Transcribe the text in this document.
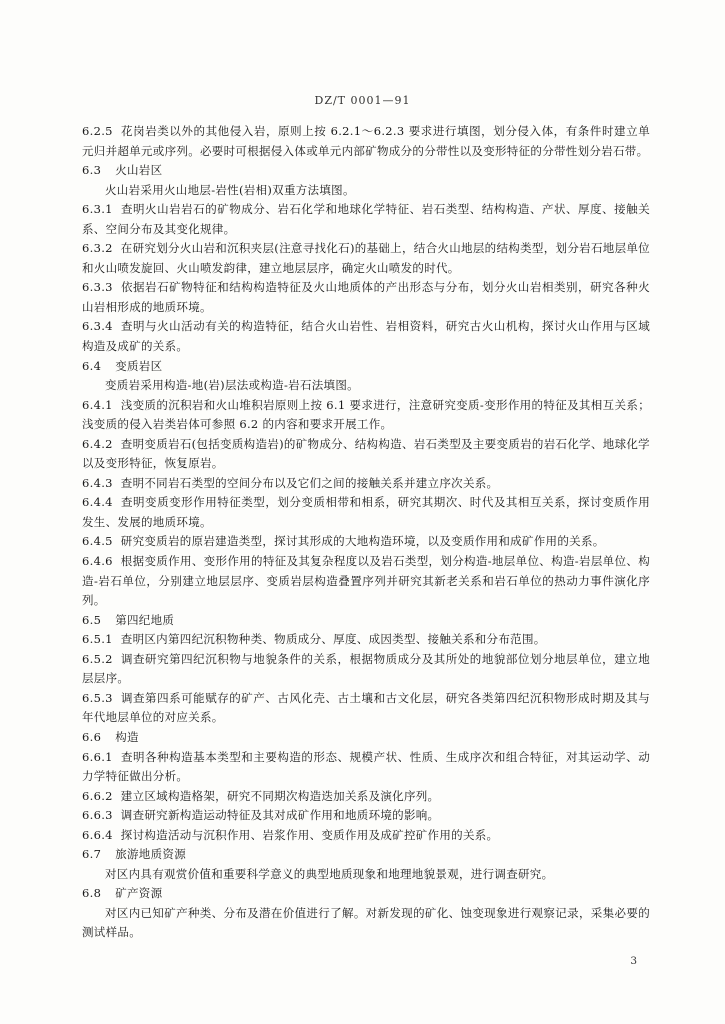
DZ/T 0001—91

6.2.5 花岗岩类以外的其他侵入岩，原则上按 6.2.1～6.2.3 要求进行填图，划分侵入体，有条件时建立单元归并超单元或序列。必要时可根据侵入体或单元内部矿物成分的分带性以及变形特征的分带性划分岩石带。

6.3 火山岩区

火山岩采用火山地层-岩性(岩相)双重方法填图。

6.3.1 查明火山岩岩石的矿物成分、岩石化学和地球化学特征、岩石类型、结构构造、产状、厚度、接触关系、空间分布及其变化规律。

6.3.2 在研究划分火山岩和沉积夹层(注意寻找化石)的基础上，结合火山地层的结构类型，划分岩石地层单位和火山喷发旋回、火山喷发韵律，建立地层层序，确定火山喷发的时代。

6.3.3 依据岩石矿物特征和结构构造特征及火山地质体的产出形态与分布，划分火山岩相类别，研究各种火山岩相形成的地质环境。

6.3.4 查明与火山活动有关的构造特征，结合火山岩性、岩相资料，研究古火山机构，探讨火山作用与区域构造及成矿的关系。

6.4 变质岩区

变质岩采用构造-地(岩)层法或构造-岩石法填图。

6.4.1 浅变质的沉积岩和火山堆积岩原则上按 6.1 要求进行，注意研究变质-变形作用的特征及其相互关系；浅变质的侵入岩类岩体可参照 6.2 的内容和要求开展工作。

6.4.2 查明变质岩石(包括变质构造岩)的矿物成分、结构构造、岩石类型及主要变质岩的岩石化学、地球化学以及变形特征，恢复原岩。

6.4.3 查明不同岩石类型的空间分布以及它们之间的接触关系并建立序次关系。

6.4.4 查明变质变形作用特征类型，划分变质相带和相系，研究其期次、时代及其相互关系，探讨变质作用发生、发展的地质环境。

6.4.5 研究变质岩的原岩建造类型，探讨其形成的大地构造环境，以及变质作用和成矿作用的关系。

6.4.6 根据变质作用、变形作用的特征及其复杂程度以及岩石类型，划分构造-地层单位、构造-岩层单位、构造-岩石单位，分别建立地层层序、变质岩层构造叠置序列并研究其新老关系和岩石单位的热动力事件演化序列。

6.5 第四纪地质

6.5.1 查明区内第四纪沉积物种类、物质成分、厚度、成因类型、接触关系和分布范围。

6.5.2 调查研究第四纪沉积物与地貌条件的关系，根据物质成分及其所处的地貌部位划分地层单位，建立地层层序。

6.5.3 调查第四系可能赋存的矿产、古风化壳、古土壤和古文化层，研究各类第四纪沉积物形成时期及其与年代地层单位的对应关系。

6.6 构造

6.6.1 查明各种构造基本类型和主要构造的形态、规模产状、性质、生成序次和组合特征，对其运动学、动力学特征做出分析。

6.6.2 建立区域构造格架，研究不同期次构造迭加关系及演化序列。

6.6.3 调查研究新构造运动特征及其对成矿作用和地质环境的影响。

6.6.4 探讨构造活动与沉积作用、岩浆作用、变质作用及成矿控矿作用的关系。

6.7 旅游地质资源

对区内具有观赏价值和重要科学意义的典型地质现象和地理地貌景观，进行调查研究。

6.8 矿产资源

对区内已知矿产种类、分布及潜在价值进行了解。对新发现的矿化、蚀变现象进行观察记录，采集必要的测试样品。

3
